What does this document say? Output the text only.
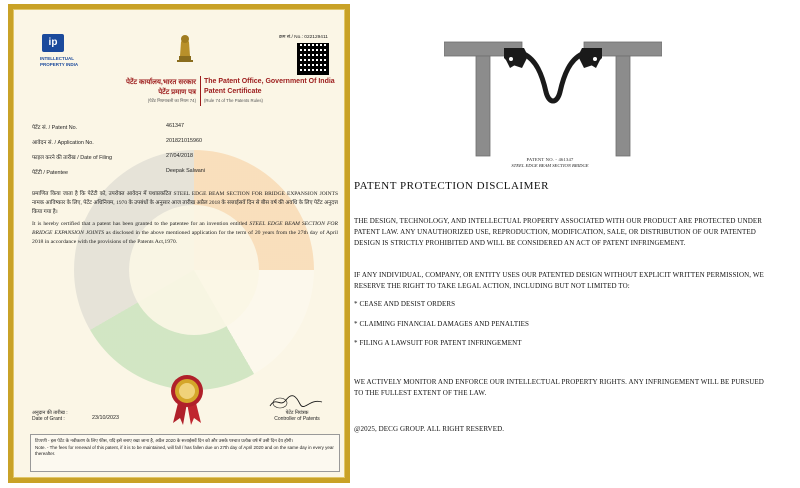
ip
INTELLECTUAL
PROPERTY INDIA
क्रम सं./ No.: 022129411
पेटेंट कार्यालय,भारत सरकार
पेटेंट प्रमाण पत्र
(पेटेंट नियमावली का नियम 74)
The Patent Office, Government Of India
Patent Certificate
(Rule 74 of The Patents Rules)
पेटेंट सं. / Patent No.	461347
आवेदन सं. / Application No.	201821015960
फाइल करने की तारीख / Date of Filing	27/04/2018
पेटेंटी / Patentee	Deepak Salwani
प्रमाणित किया जाता है कि पेटेंटी को, उपरोक्त आवेदन में यथाप्रकटित STEEL EDGE BEAM SECTION FOR BRIDGE EXPANSION JOINTS नामक आविष्कार के लिए, पेटेंट अधिनियम, 1970 के उपबंधों के अनुसार आज तारीख अप्रैल 2018 के सत्ताईसवें दिन से बीस वर्ष की अवधि के लिए पेटेंट अनुदत्त किया गया है।
It is hereby certified that a patent has been granted to the patentee for an invention entitled STEEL EDGE BEAM SECTION FOR BRIDGE EXPANSION JOINTS as disclosed in the above mentioned application for the term of 20 years from the 27th day of April 2018 in accordance with the provisions of the Patents Act,1970.
अनुदान की तारीख :
Date of Grant :	23/10/2023
पेटेंट नियंत्रक
Controller of Patents
टिप्पणी - इस पेटेंट के नवीकरण के लिए फीस, यदि इसे बनाए रखा जाना है, अप्रैल 2020 के सत्ताईसवें दिन को और उसके पश्चात प्रत्येक वर्ष में उसी दिन देय होगी।
Note. - The fees for renewal of this patent, if it is to be maintained, will fall / has fallen due on 27th day of April 2020 and on the same day in every year thereafter.
PATENT NO. - 461347
STEEL EDGE BEAM SECTION BRIDGE
PATENT PROTECTION DISCLAIMER
THE DESIGN, TECHNOLOGY, AND INTELLECTUAL PROPERTY ASSOCIATED WITH OUR PRODUCT ARE PROTECTED UNDER PATENT LAW. ANY UNAUTHORIZED USE, REPRODUCTION, MODIFICATION, SALE, OR DISTRIBUTION OF OUR PATENTED DESIGN IS STRICTLY PROHIBITED AND WILL BE CONSIDERED AN ACT OF PATENT INFRINGEMENT.
IF ANY INDIVIDUAL, COMPANY, OR ENTITY USES OUR PATENTED DESIGN WITHOUT EXPLICIT WRITTEN PERMISSION, WE RESERVE THE RIGHT TO TAKE LEGAL ACTION, INCLUDING BUT NOT LIMITED TO:
* CEASE AND DESIST ORDERS
* CLAIMING FINANCIAL DAMAGES AND PENALTIES
* FILING A LAWSUIT FOR PATENT INFRINGEMENT
WE ACTIVELY MONITOR AND ENFORCE OUR INTELLECTUAL PROPERTY RIGHTS. ANY INFRINGEMENT WILL BE PURSUED TO THE FULLEST EXTENT OF THE LAW.
@2025, DECG GROUP. ALL RIGHT RESERVED.
